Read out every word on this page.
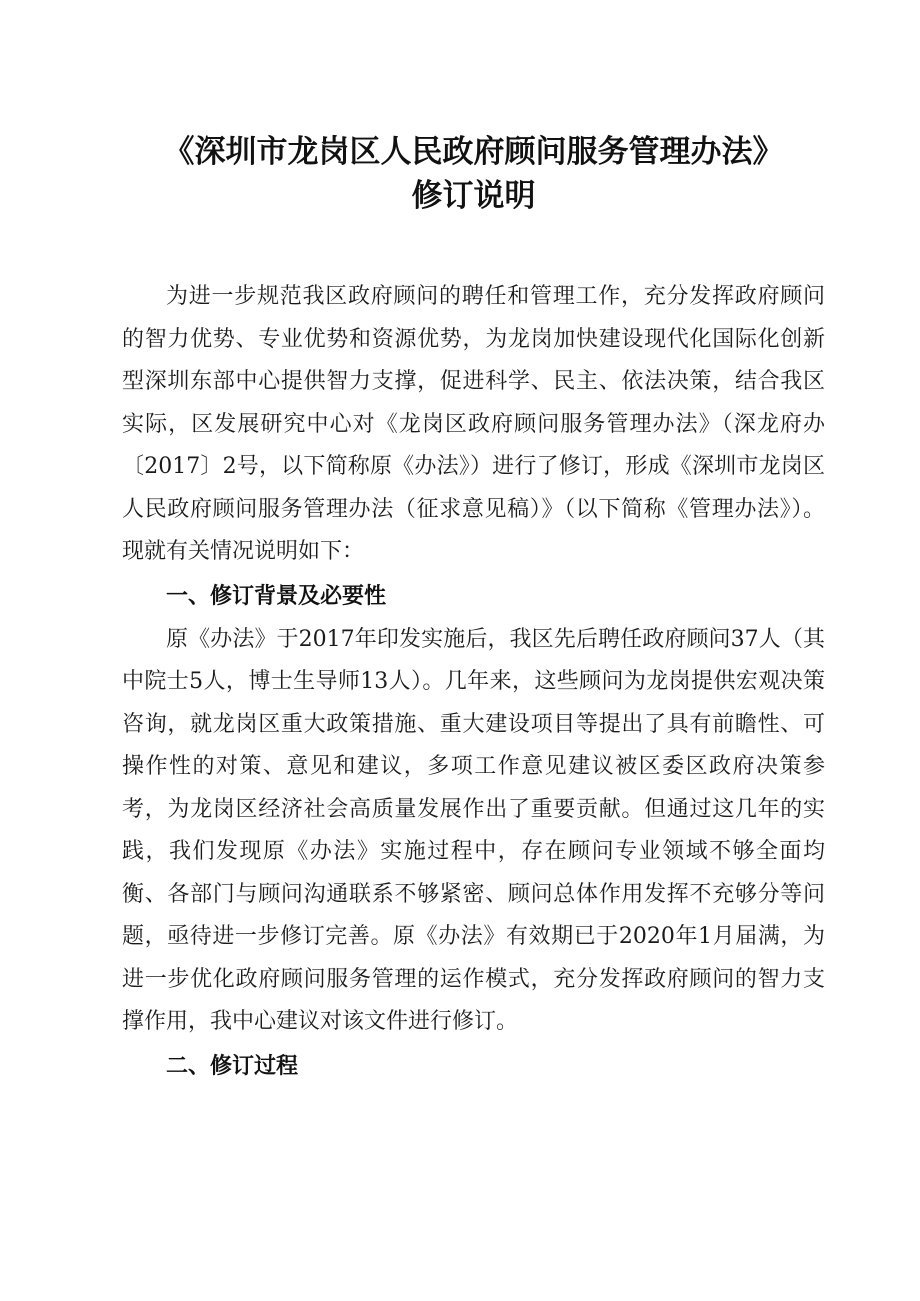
《深圳市龙岗区人民政府顾问服务管理办法》
修订说明

为进一步规范我区政府顾问的聘任和管理工作，充分发挥政府顾问的智力优势、专业优势和资源优势，为龙岗加快建设现代化国际化创新型深圳东部中心提供智力支撑，促进科学、民主、依法决策，结合我区实际，区发展研究中心对《龙岗区政府顾问服务管理办法》（深龙府办〔2017〕2号，以下简称原《办法》）进行了修订，形成《深圳市龙岗区人民政府顾问服务管理办法（征求意见稿）》（以下简称《管理办法》）。现就有关情况说明如下：

一、修订背景及必要性

原《办法》于2017年印发实施后，我区先后聘任政府顾问37人（其中院士5人，博士生导师13人）。几年来，这些顾问为龙岗提供宏观决策咨询，就龙岗区重大政策措施、重大建设项目等提出了具有前瞻性、可操作性的对策、意见和建议，多项工作意见建议被区委区政府决策参考，为龙岗区经济社会高质量发展作出了重要贡献。但通过这几年的实践，我们发现原《办法》实施过程中，存在顾问专业领域不够全面均衡、各部门与顾问沟通联系不够紧密、顾问总体作用发挥不充够分等问题，亟待进一步修订完善。原《办法》有效期已于2020年1月届满，为进一步优化政府顾问服务管理的运作模式，充分发挥政府顾问的智力支撑作用，我中心建议对该文件进行修订。

二、修订过程
